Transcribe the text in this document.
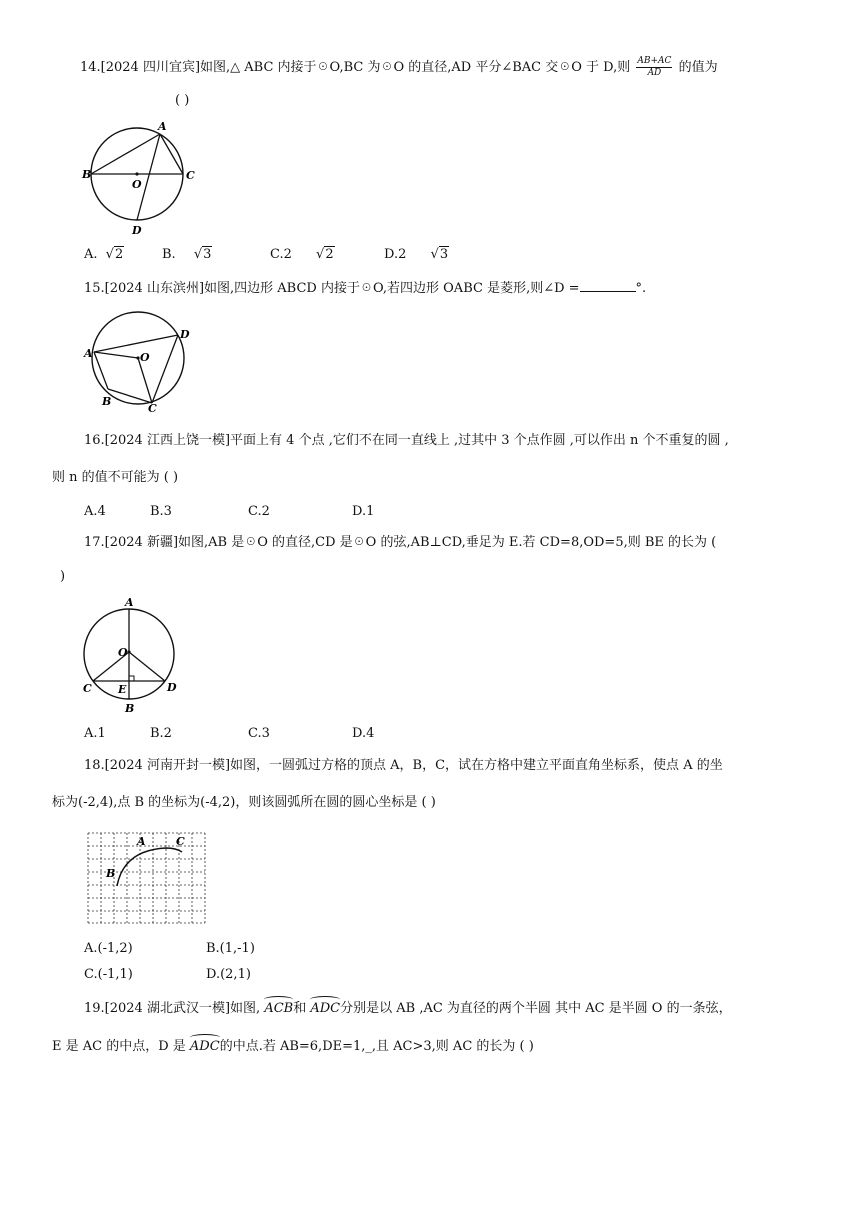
14.[2024 四川宜宾]如图,△ ABC 内接于☉O,BC 为☉O 的直径,AD 平分∠BAC 交☉O 于 D,则 $\frac{AB+AC}{AD}$ 的值为
( )
A
B	C
O
D
A. √2	B. √3	C.2 √2	D.2 √3
15.[2024 山东滨州]如图,四边形 ABCD 内接于☉O,若四边形 OABC 是菱形,则∠D =	°.
A	O
D
B
C
16.[2024 江西上饶一模]平面上有 4 个点 ,它们不在同一直线上 ,过其中 3 个点作圆 ,可以作出 n 个不重复的圆 ,
则 n 的值不可能为 ( )
A.4	B.3	C.2	D.1
17.[2024 新疆]如图,AB 是☉O 的直径,CD 是☉O 的弦,AB⊥CD,垂足为 E.若 CD=8,OD=5,则 BE 的长为 (
)
A
O
C E	D
B
A.1	B.2	C.3	D.4
18.[2024 河南开封一模]如图，一圆弧过方格的顶点 A，B，C，试在方格中建立平面直角坐标系，使点 A 的坐
标为(-2,4),点 B 的坐标为(-4,2)，则该圆弧所在圆的圆心坐标是 ( )
A	C
B
A.(-1,2)	B.(1,-1)
C.(-1,1)	D.(2,1)
19.[2024 湖北武汉一模]如图, ACB和 ADC分别是以 AB ,AC 为直径的两个半圆 其中 AC 是半圆 O 的一条弦，
E 是 AC 的中点，D 是 ADC的中点.若 AB=6,DE=1,_,且 AC>3,则 AC 的长为 ( )
